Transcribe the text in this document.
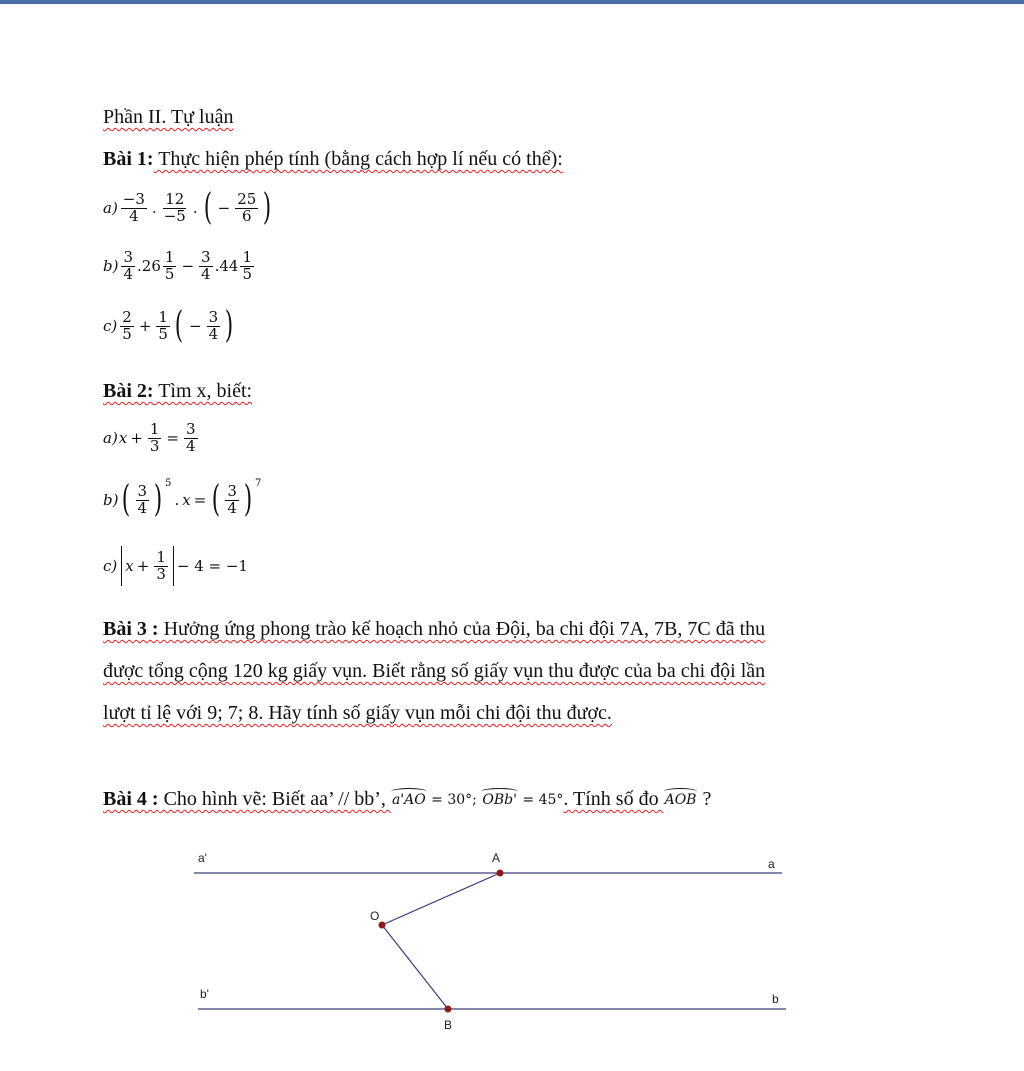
Phần II. Tự luận
Bài 1: Thực hiện phép tính (bằng cách hợp lí nếu có thể):
$a) \frac{-3}{4}$ . $\frac{12}{-5}$ . ( − $\frac{25}{6}$ )
$b) \frac{3}{4}$ . $26 \frac{1}{5} - \frac{3}{4}$ . $44 \frac{1}{5}$
$c) \frac{2}{5} + \frac{1}{5}$ ( − $\frac{3}{4}$ )
Bài 2: Tìm x, biết:
a) $x + \frac{1}{3} = \frac{3}{4}$
b) ( $\frac{3}{4}$ ) 5
. x = ( $\frac{3}{4}$ ) 7
c) $x + \frac{1}{3} - 4 = -1$
Bài 3 : Hưởng ứng phong trào kế hoạch nhỏ của Đội, ba chi đội 7A, 7B, 7C đã thu
được tổng cộng 120 kg giấy vụn. Biết rằng số giấy vụn thu được của ba chi đội lần
lượt tỉ lệ với 9; 7; 8. Hãy tính số giấy vụn mỗi chi đội thu được.
Bài 4 : Cho hình vẽ: Biết aa’ // bb’, a'AO = 30°; OBb' = 45° . Tính số đo AOB ?
a'	a
b'	b
A
O
B
